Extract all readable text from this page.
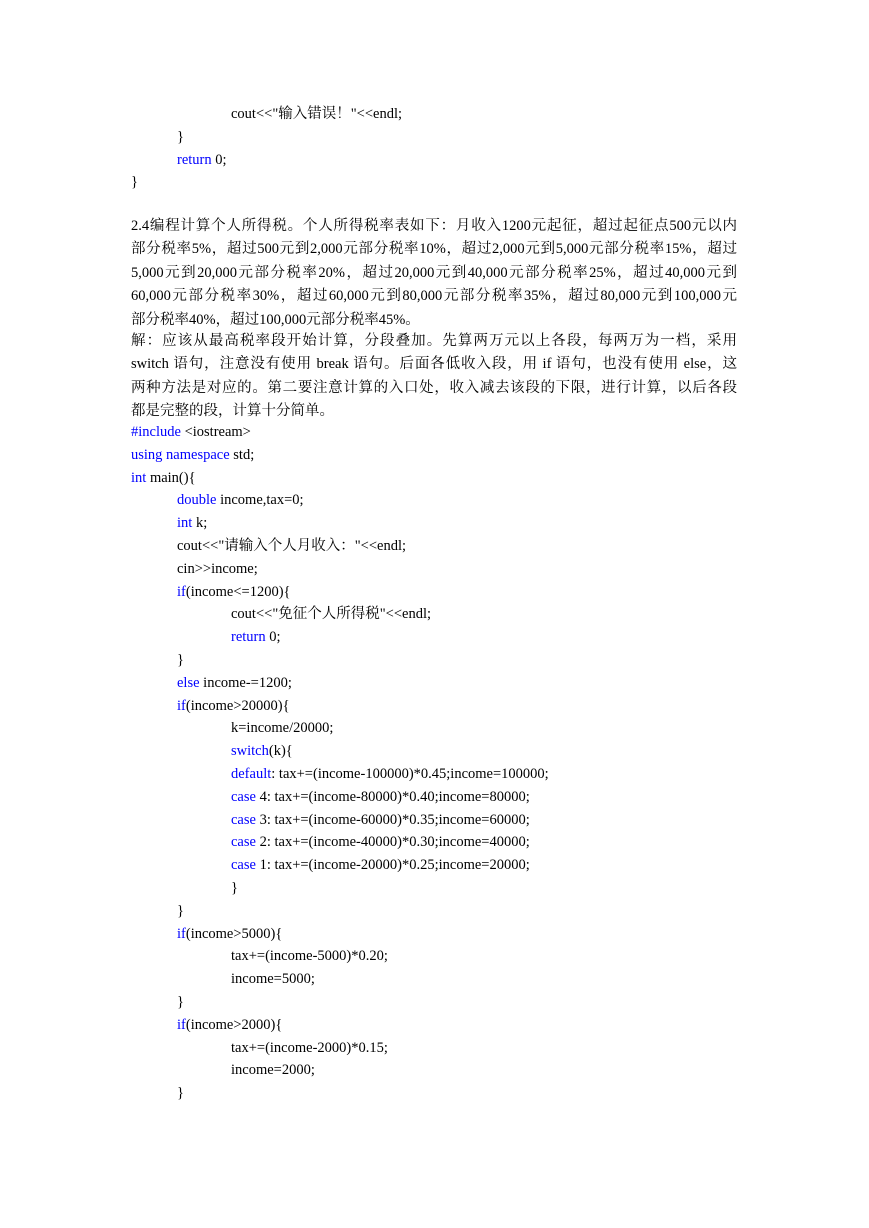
cout<<"输入错误！"<<endl;
}
return 0;
}
2.4编程计算个人所得税。个人所得税率表如下：月收入1200元起征，超过起征点500元以内
部分税率5%，超过500元到2,000元部分税率10%，超过2,000元到5,000元部分税率15%，超过
5,000元到20,000元部分税率20%，超过20,000元到40,000元部分税率25%，超过40,000元到
60,000元部分税率30%，超过60,000元到80,000元部分税率35%，超过80,000元到100,000元
部分税率40%，超过100,000元部分税率45%。
解：应该从最高税率段开始计算，分段叠加。先算两万元以上各段，每两万为一档，采用
switch 语句，注意没有使用 break 语句。后面各低收入段，用 if 语句，也没有使用 else，这
两种方法是对应的。第二要注意计算的入口处，收入减去该段的下限，进行计算，以后各段
都是完整的段，计算十分简单。
#include <iostream>
using namespace std;
int main(){
double income,tax=0;
int k;
cout<<"请输入个人月收入："<<endl;
cin>>income;
if(income<=1200){
cout<<"免征个人所得税"<<endl;
return 0;
}
else income-=1200;
if(income>20000){
k=income/20000;
switch(k){
default: tax+=(income-100000)*0.45;income=100000;
case 4: tax+=(income-80000)*0.40;income=80000;
case 3: tax+=(income-60000)*0.35;income=60000;
case 2: tax+=(income-40000)*0.30;income=40000;
case 1: tax+=(income-20000)*0.25;income=20000;
}
}
if(income>5000){
tax+=(income-5000)*0.20;
income=5000;
}
if(income>2000){
tax+=(income-2000)*0.15;
income=2000;
}
